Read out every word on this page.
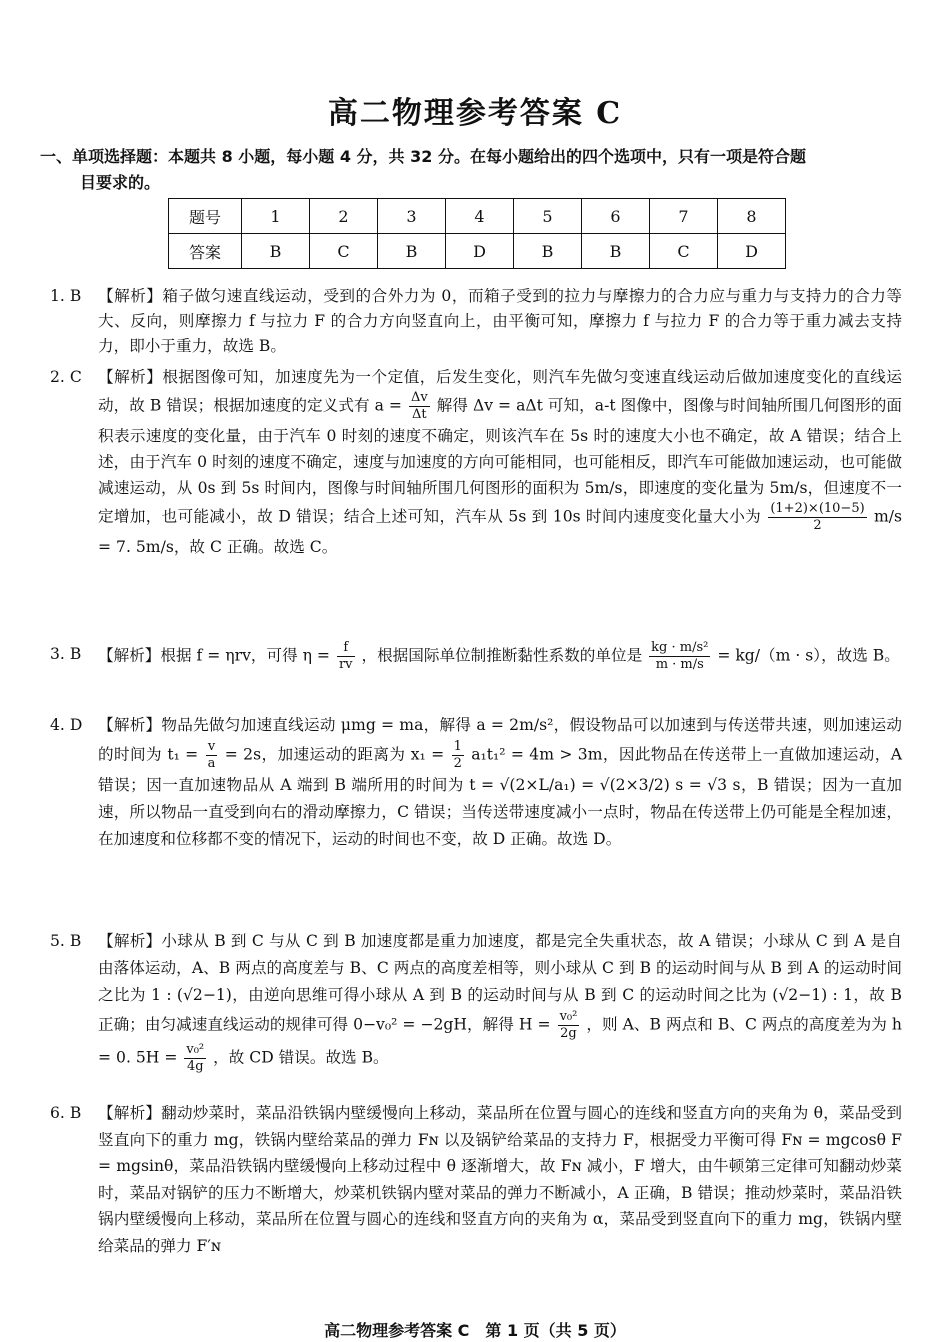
高二物理参考答案 C
一、单项选择题：本题共 8 小题，每小题 4 分，共 32 分。在每小题给出的四个选项中，只有一项是符合题
目要求的。
题号	1	2	3	4	5	6	7	8
答案	B	C	B	D	B	B	C	D
1. B	【解析】箱子做匀速直线运动，受到的合外力为 0，而箱子受到的拉力与摩擦力的合力应与重力与支持力的合力等大、反向，则摩擦力 f 与拉力 F 的合力方向竖直向上，由平衡可知，摩擦力 f 与拉力 F 的合力等于重力减去支持力，即小于重力，故选 B。
2. C	【解析】根据图像可知，加速度先为一个定值，后发生变化，则汽车先做匀变速直线运动后做加速度变化的直线运动，故 B 错误；根据加速度的定义式有 $a = \frac{\Delta v}{\Delta t}$ 解得 Δv = aΔt 可知，a-t 图像中，图像与时间轴所围几何图形的面积表示速度的变化量，由于汽车 0 时刻的速度不确定，则该汽车在 5s 时的速度大小也不确定，故 A 错误；结合上述，由于汽车 0 时刻的速度不确定，速度与加速度的方向可能相同，也可能相反，即汽车可能做加速运动，也可能做减速运动，从 0s 到 5s 时间内，图像与时间轴所围几何图形的面积为 5m/s，即速度的变化量为 5m/s，但速度不一定增加，也可能减小，故 D 错误；结合上述可知，汽车从 5s 到 10s 时间内速度变化量大小为 $\frac{(1+2)\times(10-5)}{2} m/s = 7$. 5m/s，故 C 正确。故选 C。
3. B	【解析】根据 f = ηrv，可得 $\eta = \frac{f}{rv}$ ，根据国际单位制推断黏性系数的单位是 $\frac{\text{kg · m/s²}}{m \cdot m/s} = kg/(m \cdot s)$，故选 B。
4. D	【解析】物品先做匀加速直线运动 μmg = ma，解得 a = 2m/s²，假设物品可以加速到与传送带共速，则加速运动的时间为 $t_1 = \frac{v}{a} = 2s$，加速运动的距离为 $x_1 = \frac{1}{2} a_1t_1^2 = 4m > 3m$，因此物品在传送带上一直做加速运动，A 错误；因一直加速物品从 A 端到 B 端所用的时间为 t = √(2×L/a₁) = √(2×3/2) s = √3 s，B 错误；因为一直加速，所以物品一直受到向右的滑动摩擦力，C 错误；当传送带速度减小一点时，物品在传送带上仍可能是全程加速，在加速度和位移都不变的情况下，运动的时间也不变，故 D 正确。故选 D。
5. B	【解析】小球从 B 到 C 与从 C 到 B 加速度都是重力加速度，都是完全失重状态，故 A 错误；小球从 C 到 A 是自由落体运动，A、B 两点的高度差与 B、C 两点的高度差相等，则小球从 C 到 B 的运动时间与从 B 到 A 的运动时间之比为 1 : (√2−1)，由逆向思维可得小球从 A 到 B 的运动时间与从 B 到 C 的运动时间之比为 (√2−1) : 1，故 B 正确；由匀减速直线运动的规律可得 0−v₀² = −2gH，解得 $H = \frac{\text{v₀²}}{2g}$ ，则 A、B 两点和 B、C 两点的高度差为为 h = 0. $5H = \frac{\text{v₀²}}{4g}$ ，故 CD 错误。故选 B。
6. B	【解析】翻动炒菜时，菜品沿铁锅内壁缓慢向上移动，菜品所在位置与圆心的连线和竖直方向的夹角为 θ，菜品受到竖直向下的重力 mg，铁锅内壁给菜品的弹力 Fɴ 以及锅铲给菜品的支持力 F，根据受力平衡可得 Fɴ = mgcosθ F = mgsinθ，菜品沿铁锅内壁缓慢向上移动过程中 θ 逐渐增大，故 Fɴ 减小，F 增大，由牛顿第三定律可知翻动炒菜时，菜品对锅铲的压力不断增大，炒菜机铁锅内壁对菜品的弹力不断减小，A 正确，B 错误；推动炒菜时，菜品沿铁锅内壁缓慢向上移动，菜品所在位置与圆心的连线和竖直方向的夹角为 α，菜品受到竖直向下的重力 mg，铁锅内壁给菜品的弹力 F′ɴ
高二物理参考答案 C　第 1 页（共 5 页）
